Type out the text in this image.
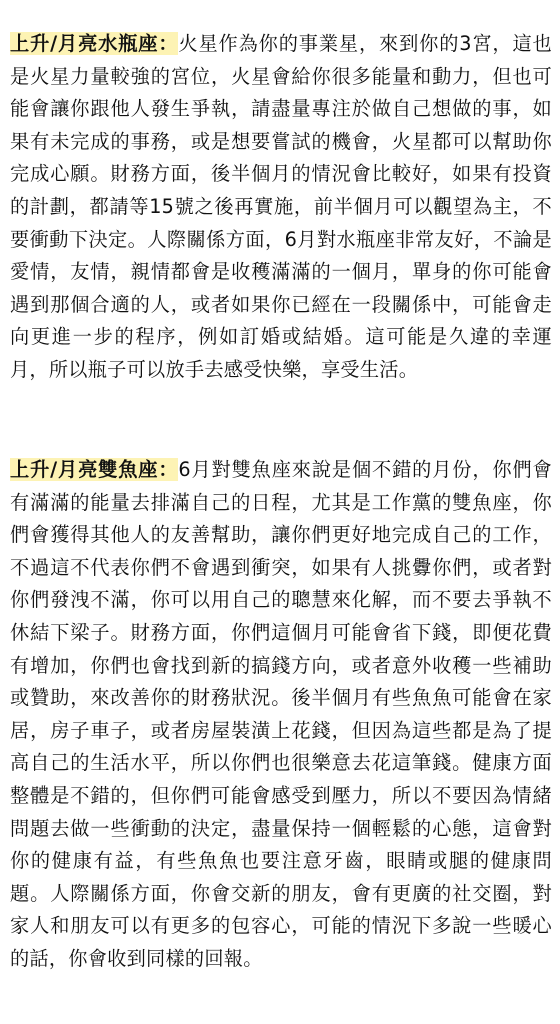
上升/月亮水瓶座：火星作為你的事業星，來到你的3宮，這也是火星力量較強的宮位，火星會給你很多能量和動力，但也可能會讓你跟他人發生爭執，請盡量專注於做自己想做的事，如果有未完成的事務，或是想要嘗試的機會，火星都可以幫助你完成心願。財務方面，後半個月的情況會比較好，如果有投資的計劃，都請等15號之後再實施，前半個月可以觀望為主，不要衝動下決定。人際關係方面，6月對水瓶座非常友好，不論是愛情，友情，親情都會是收穫滿滿的一個月，單身的你可能會遇到那個合適的人，或者如果你已經在一段關係中，可能會走向更進一步的程序，例如訂婚或結婚。這可能是久違的幸運月，所以瓶子可以放手去感受快樂，享受生活。

上升/月亮雙魚座：6月對雙魚座來說是個不錯的月份，你們會有滿滿的能量去排滿自己的日程，尤其是工作黨的雙魚座，你們會獲得其他人的友善幫助，讓你們更好地完成自己的工作，不過這不代表你們不會遇到衝突，如果有人挑釁你們，或者對你們發洩不滿，你可以用自己的聰慧來化解，而不要去爭執不休結下梁子。財務方面，你們這個月可能會省下錢，即便花費有增加，你們也會找到新的搞錢方向，或者意外收穫一些補助或贊助，來改善你的財務狀況。後半個月有些魚魚可能會在家居，房子車子，或者房屋裝潢上花錢，但因為這些都是為了提高自己的生活水平，所以你們也很樂意去花這筆錢。健康方面整體是不錯的，但你們可能會感受到壓力，所以不要因為情緒問題去做一些衝動的決定，盡量保持一個輕鬆的心態，這會對你的健康有益，有些魚魚也要注意牙齒，眼睛或腿的健康問題。人際關係方面，你會交新的朋友，會有更廣的社交圈，對家人和朋友可以有更多的包容心，可能的情況下多說一些暖心的話，你會收到同樣的回報。
